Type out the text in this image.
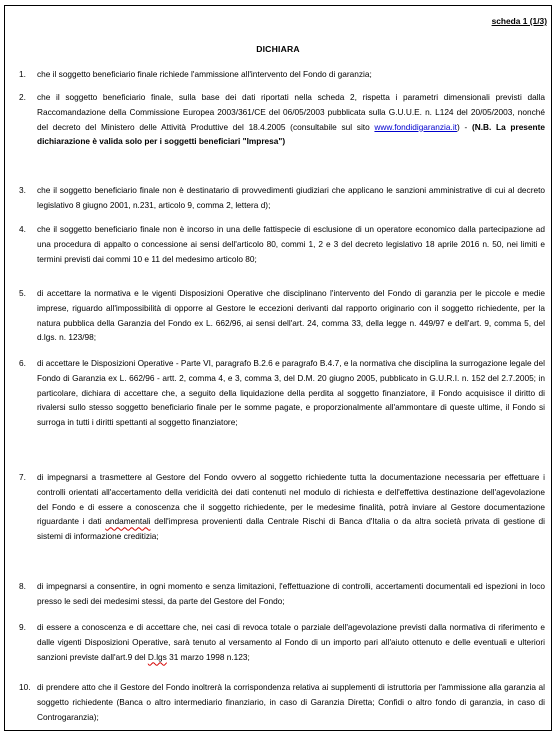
scheda 1 (1/3)
DICHIARA
1.	che il soggetto beneficiario finale richiede l'ammissione all'intervento del Fondo di garanzia;
2.	che il soggetto beneficiario finale, sulla base dei dati riportati nella scheda 2, rispetta i parametri dimensionali previsti dalla Raccomandazione della Commissione Europea 2003/361/CE del 06/05/2003 pubblicata sulla G.U.U.E. n. L124 del 20/05/2003, nonché del decreto del Ministero delle Attività Produttive del 18.4.2005 (consultabile sul sito www.fondidigaranzia.it) - (N.B. La presente dichiarazione è valida solo per i soggetti beneficiari "Impresa")
3.	che il soggetto beneficiario finale non è destinatario di provvedimenti giudiziari che applicano le sanzioni amministrative di cui al decreto legislativo 8 giugno 2001, n.231, articolo 9, comma 2, lettera d);
4.	che il soggetto beneficiario finale non è incorso in una delle fattispecie di esclusione di un operatore economico dalla partecipazione ad una procedura di appalto o concessione ai sensi dell'articolo 80, commi 1, 2 e 3 del decreto legislativo 18 aprile 2016 n. 50, nei limiti e termini previsti dai commi 10 e 11 del medesimo articolo 80;
5.	di accettare la normativa e le vigenti Disposizioni Operative che disciplinano l'intervento del Fondo di garanzia per le piccole e medie imprese, riguardo all'impossibilità di opporre al Gestore le eccezioni derivanti dal rapporto originario con il soggetto richiedente, per la natura pubblica della Garanzia del Fondo ex L. 662/96, ai sensi dell'art. 24, comma 33, della legge n. 449/97 e dell'art. 9, comma 5, del d.lgs. n. 123/98;
6.	di accettare le Disposizioni Operative - Parte VI, paragrafo B.2.6 e paragrafo B.4.7, e la normativa che disciplina la surrogazione legale del Fondo di Garanzia ex L. 662/96 - artt. 2, comma 4, e 3, comma 3, del D.M. 20 giugno 2005, pubblicato in G.U.R.I. n. 152 del 2.7.2005; in particolare, dichiara di accettare che, a seguito della liquidazione della perdita al soggetto finanziatore, il Fondo acquisisce il diritto di rivalersi sullo stesso soggetto beneficiario finale per le somme pagate, e proporzionalmente all'ammontare di queste ultime, il Fondo si surroga in tutti i diritti spettanti al soggetto finanziatore;
7.	di impegnarsi a trasmettere al Gestore del Fondo ovvero al soggetto richiedente tutta la documentazione necessaria per effettuare i controlli orientati all'accertamento della veridicità dei dati contenuti nel modulo di richiesta e dell'effettiva destinazione dell'agevolazione del Fondo e di essere a conoscenza che il soggetto richiedente, per le medesime finalità, potrà inviare al Gestore documentazione riguardante i dati andamentali dell'impresa provenienti dalla Centrale Rischi di Banca d'Italia o da altra società privata di gestione di sistemi di informazione creditizia;
8.	di impegnarsi a consentire, in ogni momento e senza limitazioni, l'effettuazione di controlli, accertamenti documentali ed ispezioni in loco presso le sedi dei medesimi stessi, da parte del Gestore del Fondo;
9.	di essere a conoscenza e di accettare che, nei casi di revoca totale o parziale dell'agevolazione previsti dalla normativa di riferimento e dalle vigenti Disposizioni Operative, sarà tenuto al versamento al Fondo di un importo pari all'aiuto ottenuto e delle eventuali e ulteriori sanzioni previste dall'art.9 del D.lgs 31 marzo 1998 n.123;
10. di prendere atto che il Gestore del Fondo inoltrerà la corrispondenza relativa ai supplementi di istruttoria per l'ammissione alla garanzia al soggetto richiedente (Banca o altro intermediario finanziario, in caso di Garanzia Diretta; Confidi o altro fondo di garanzia, in caso di Controgaranzia);
